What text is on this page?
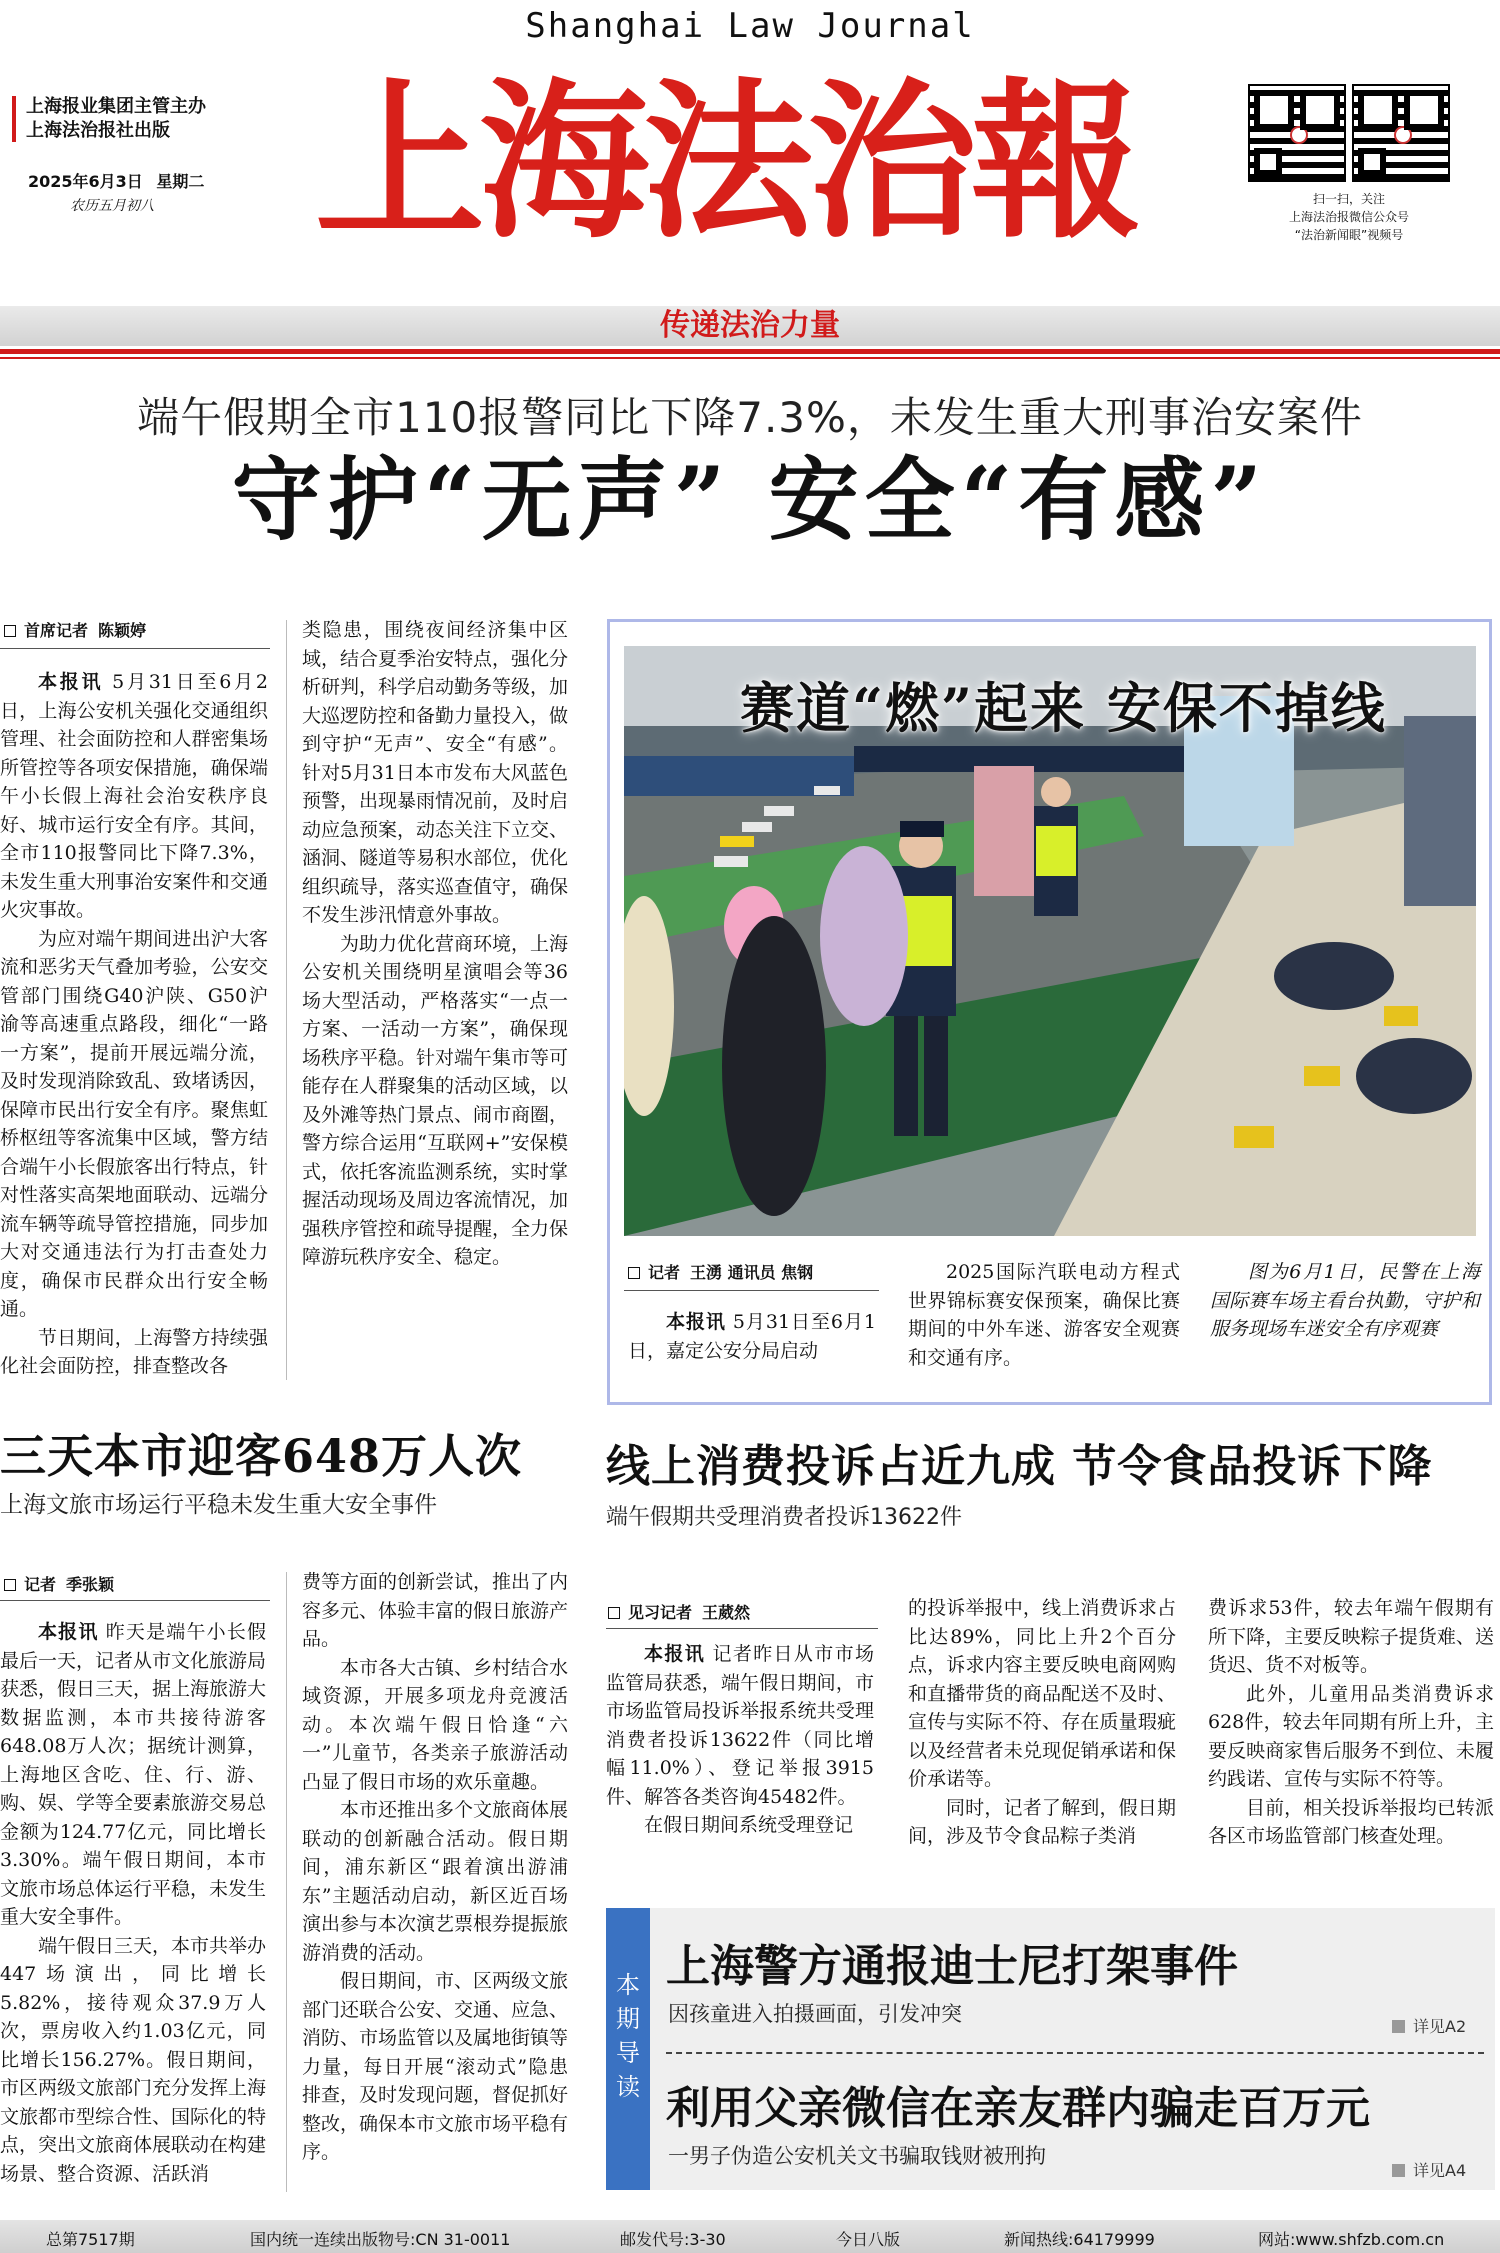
Shanghai Law Journal
上海报业集团主管主办
上海法治报社出版
2025年6月3日 星期二
农历五月初八 上海法治報	扫一扫，关注
上海法治报微信公众号
“法治新闻眼”视频号
传递法治力量
端午假期全市110报警同比下降7.3%，未发生重大刑事治安案件
守护“无声” 安全“有感”
首席记者 陈颖婷

本报讯 5月31日至6月2日，上海公安机关强化交通组织管理、社会面防控和人群密集场所管控等各项安保措施，确保端午小长假上海社会治安秩序良好、城市运行安全有序。其间，全市110报警同比下降7.3%，未发生重大刑事治安案件和交通火灾事故。

为应对端午期间进出沪大客流和恶劣天气叠加考验，公安交管部门围绕G40沪陕、G50沪渝等高速重点路段，细化“一路一方案”，提前开展远端分流，及时发现消除致乱、致堵诱因，保障市民出行安全有序。聚焦虹桥枢纽等客流集中区域，警方结合端午小长假旅客出行特点，针对性落实高架地面联动、远端分流车辆等疏导管控措施，同步加大对交通违法行为打击查处力度，确保市民群众出行安全畅通。

节日期间，上海警方持续强化社会面防控，排查整改各

类隐患，围绕夜间经济集中区域，结合夏季治安特点，强化分析研判，科学启动勤务等级，加大巡逻防控和备勤力量投入，做到守护“无声”、安全“有感”。针对5月31日本市发布大风蓝色预警，出现暴雨情况前，及时启动应急预案，动态关注下立交、涵洞、隧道等易积水部位，优化组织疏导，落实巡查值守，确保不发生涉汛情意外事故。

为助力优化营商环境，上海公安机关围绕明星演唱会等36场大型活动，严格落实“一点一方案、一活动一方案”，确保现场秩序平稳。针对端午集市等可能存在人群聚集的活动区域，以及外滩等热门景点、闹市商圈，警方综合运用“互联网+”安保模式，依托客流监测系统，实时掌握活动现场及周边客流情况，加强秩序管控和疏导提醒，全力保障游玩秩序安全、稳定。

赛道“燃”起来 安保不掉线
记者 王湧 通讯员 焦钢

本报讯 5月31日至6月1日，嘉定公安分局启动

2025国际汽联电动方程式世界锦标赛安保预案，确保比赛期间的中外车迷、游客安全观赛和交通有序。

图为6月1日，民警在上海国际赛车场主看台执勤，守护和服务现场车迷安全有序观赛

三天本市迎客648万人次
上海文旅市场运行平稳未发生重大安全事件
记者 季张颖

本报讯 昨天是端午小长假最后一天，记者从市文化旅游局获悉，假日三天，据上海旅游大数据监测，本市共接待游客648.08万人次；据统计测算，上海地区含吃、住、行、游、购、娱、学等全要素旅游交易总金额为124.77亿元，同比增长3.30%。端午假日期间，本市文旅市场总体运行平稳，未发生重大安全事件。

端午假日三天，本市共举办447场演出，同比增长5.82%，接待观众37.9万人次，票房收入约1.03亿元，同比增长156.27%。假日期间，市区两级文旅部门充分发挥上海文旅都市型综合性、国际化的特点，突出文旅商体展联动在构建场景、整合资源、活跃消

费等方面的创新尝试，推出了内容多元、体验丰富的假日旅游产品。

本市各大古镇、乡村结合水域资源，开展多项龙舟竞渡活动。本次端午假日恰逢“六一”儿童节，各类亲子旅游活动凸显了假日市场的欢乐童趣。

本市还推出多个文旅商体展联动的创新融合活动。假日期间，浦东新区“跟着演出游浦东”主题活动启动，新区近百场演出参与本次演艺票根券提振旅游消费的活动。

假日期间，市、区两级文旅部门还联合公安、交通、应急、消防、市场监管以及属地街镇等力量，每日开展“滚动式”隐患排查，及时发现问题，督促抓好整改，确保本市文旅市场平稳有序。

线上消费投诉占近九成 节令食品投诉下降
端午假期共受理消费者投诉13622件
见习记者 王葳然

本报讯 记者昨日从市市场监管局获悉，端午假日期间，市市场监管局投诉举报系统共受理消费者投诉13622件（同比增幅11.0%）、登记举报3915件、解答各类咨询45482件。

在假日期间系统受理登记

的投诉举报中，线上消费诉求占比达89%，同比上升2个百分点，诉求内容主要反映电商网购和直播带货的商品配送不及时、宣传与实际不符、存在质量瑕疵以及经营者未兑现促销承诺和保价承诺等。

同时，记者了解到，假日期间，涉及节令食品粽子类消

费诉求53件，较去年端午假期有所下降，主要反映粽子提货难、送货迟、货不对板等。

此外，儿童用品类消费诉求628件，较去年同期有所上升，主要反映商家售后服务不到位、未履约践诺、宣传与实际不符等。

目前，相关投诉举报均已转派各区市场监管部门核查处理。

本期导读
上海警方通报迪士尼打架事件
因孩童进入拍摄画面，引发冲突
详见A2
利用父亲微信在亲友群内骗走百万元
一男子伪造公安机关文书骗取钱财被刑拘
详见A4
总第7517期	国内统一连续出版物号:CN 31-0011	邮发代号:3-30	今日八版	新闻热线:64179999	网站:www.shfzb.com.cn
